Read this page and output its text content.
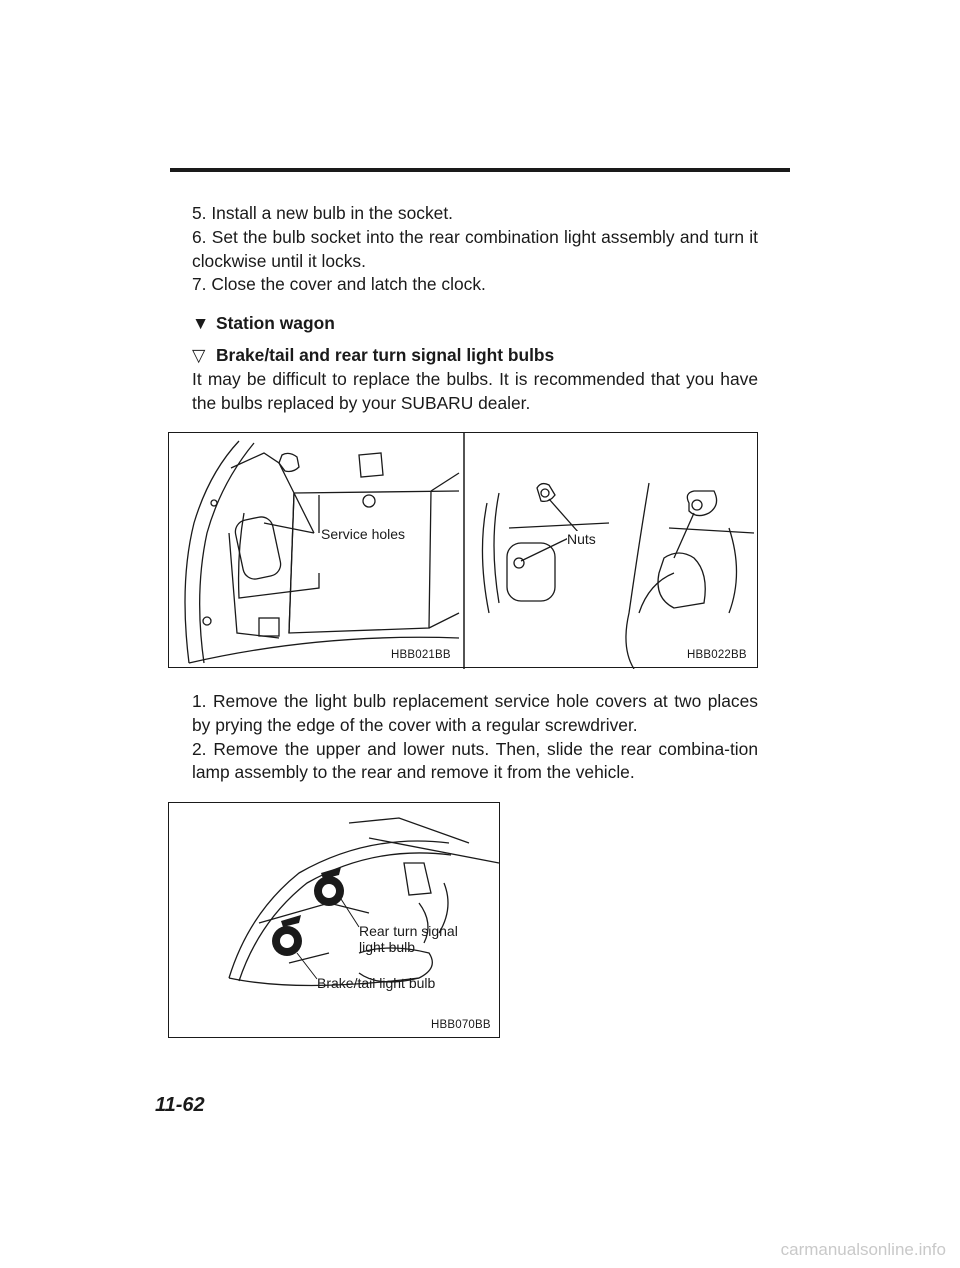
5. Install a new bulb in the socket.

6. Set the bulb socket into the rear combination light assembly and turn it clockwise until it locks.

7. Close the cover and latch the clock.

▼ Station wagon

▽ Brake/tail and rear turn signal light bulbs

It may be difficult to replace the bulbs. It is recommended that you have the bulbs replaced by your SUBARU dealer.

Service holes	Nuts
HBB021BB	HBB022BB

1. Remove the light bulb replacement service hole covers at two places by prying the edge of the cover with a regular screwdriver.

2. Remove the upper and lower nuts. Then, slide the rear combina-tion lamp assembly to the rear and remove it from the vehicle.

Rear turn signal
light bulb
Brake/tail light bulb
HBB070BB
11-62
carmanualsonline.info
